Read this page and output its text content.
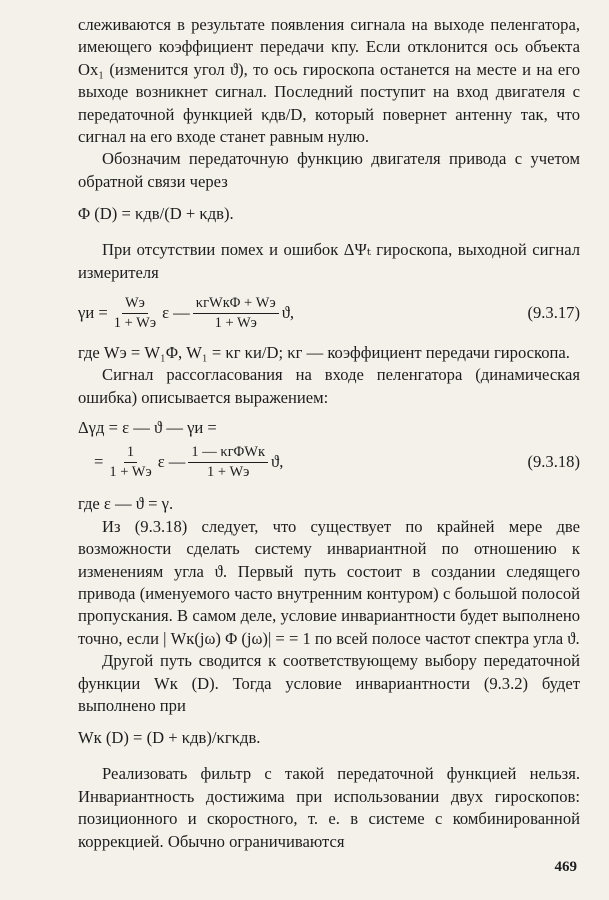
слеживаются в результате появления сигнала на выходе пеленгатора, имеющего коэффициент передачи κпу. Если отклонится ось объекта Ox₁ (изменится угол ϑ), то ось гироскопа останется на месте и на его выходе возникнет сигнал. Последний поступит на вход двигателя с передаточной функцией κдв/D, который повернет антенну так, что сигнал на его входе станет равным нулю.

Обозначим передаточную функцию двигателя привода с учетом обратной связи через

Φ (D) = κдв/(D + κдв).

При отсутствии помех и ошибок ΔΨₜ гироскопа, выходной сигнал измерителя

$\gamma и = \frac{Wэ}{1 + Wэ}$ ε — $\frac{\text{κгWкΦ + Wэ}}{1 + Wэ} ϑ$,	(9.3.17)

где Wэ = W₁Φ, W₁ = κг κи/D; κг — коэффициент передачи гироскопа.

Сигнал рассогласования на входе пеленгатора (динамическая ошибка) описывается выражением:

Δγд = ε — ϑ — γи =
= $\frac{1}{1 + Wэ}$ ε — $\frac{\text{1 — κгΦWк}}{1 + Wэ} ϑ$,	(9.3.18)

где ε — ϑ = γ.

Из (9.3.18) следует, что существует по крайней мере две возможности сделать систему инвариантной по отношению к изменениям угла ϑ. Первый путь состоит в создании следящего привода (именуемого часто внутренним контуром) с большой полосой пропускания. В самом деле, условие инвариантности будет выполнено точно, если | Wк(jω) Φ (jω)| = = 1 по всей полосе частот спектра угла ϑ.

Другой путь сводится к соответствующему выбору передаточной функции Wк (D). Тогда условие инвариантности (9.3.2) будет выполнено при

Wк (D) = (D + κдв)/κгκдв.

Реализовать фильтр с такой передаточной функцией нельзя. Инвариантность достижима при использовании двух гироскопов: позиционного и скоростного, т. е. в системе с комбинированной коррекцией. Обычно ограничиваются

469
